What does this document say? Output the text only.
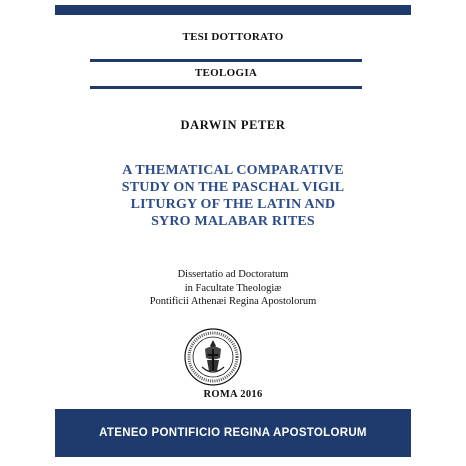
TESI DOTTORATO
TEOLOGIA
DARWIN PETER
A THEMATICAL COMPARATIVE
STUDY ON THE PASCHAL VIGIL
LITURGY OF THE LATIN AND
SYRO MALABAR RITES
Dissertatio ad Doctoratum
in Facultate Theologiæ
Pontificii Athenæi Regina Apostolorum
ROMA 2016
ATENEO PONTIFICIO REGINA APOSTOLORUM
